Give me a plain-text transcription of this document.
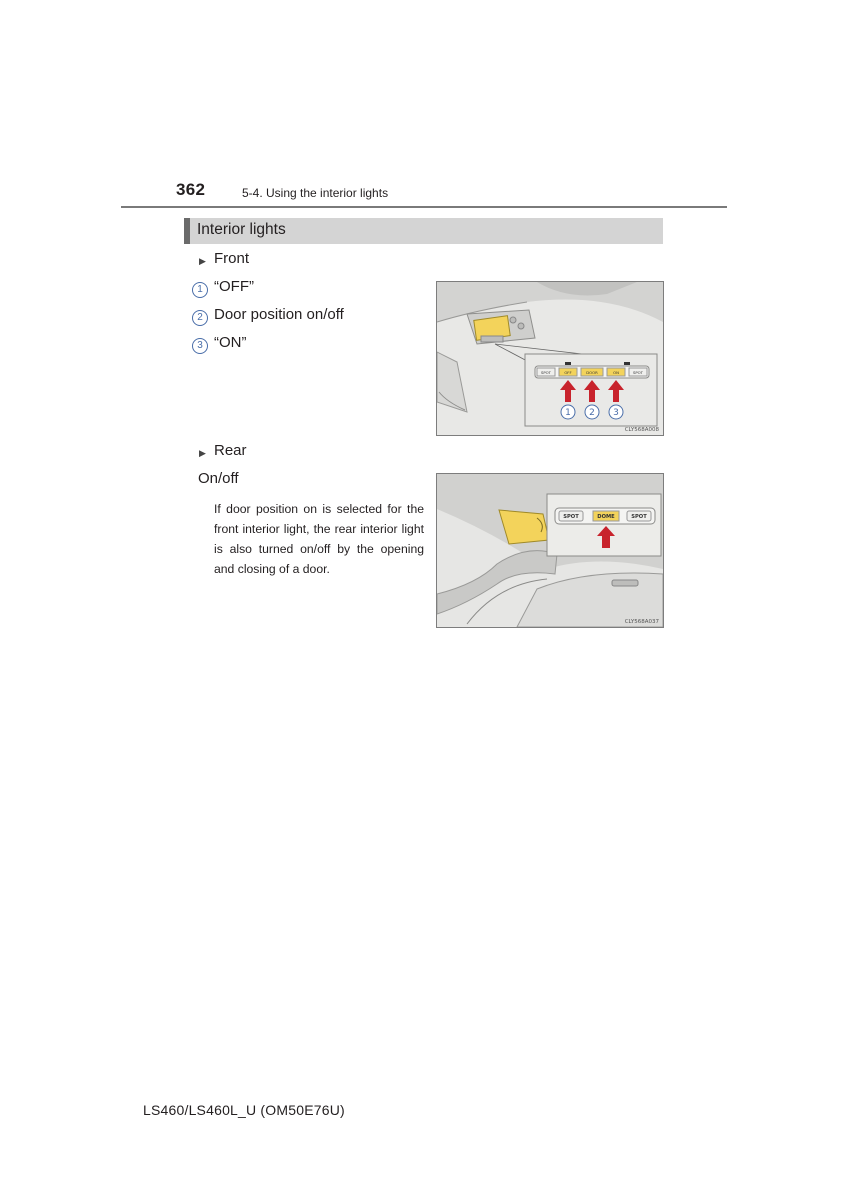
362	5-4. Using the interior lights
Interior lights
▶ Front
1 “OFF”
2 Door position on/off
3 “ON”
SPOT	OFF	DOOR	ON	SPOT
1 2 3
CLY568A008
▶ Rear
On/off
If door position on is selected for the front interior light, the rear interior light is also turned on/off by the opening and closing of a door.
SPOT	DOME	SPOT
CLY568A037
LS460/LS460L_U (OM50E76U)
